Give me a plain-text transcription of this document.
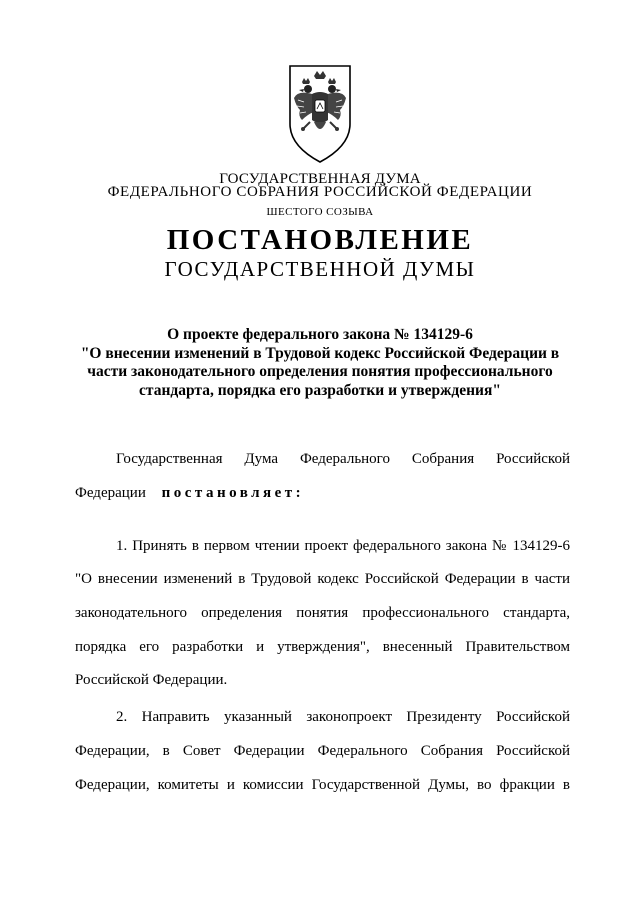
ГОСУДАРСТВЕННАЯ ДУМА
ФЕДЕРАЛЬНОГО СОБРАНИЯ РОССИЙСКОЙ ФЕДЕРАЦИИ
ШЕСТОГО СОЗЫВА
ПОСТАНОВЛЕНИЕ
ГОСУДАРСТВЕННОЙ ДУМЫ
О проекте федерального закона № 134129-6
"О внесении изменений в Трудовой кодекс Российской Федерации в
части законодательного определения понятия профессионального
стандарта, порядка его разработки и утверждения"
Государственная Дума Федерального Собрания Российской
Федерации постановляет:
1. Принять в первом чтении проект федерального закона № 134129-6
"О внесении изменений в Трудовой кодекс Российской Федерации в части
законодательного определения понятия профессионального стандарта,
порядка его разработки и утверждения", внесенный Правительством
Российской Федерации.
2. Направить указанный законопроект Президенту Российской
Федерации, в Совет Федерации Федерального Собрания Российской
Федерации, комитеты и комиссии Государственной Думы, во фракции в
